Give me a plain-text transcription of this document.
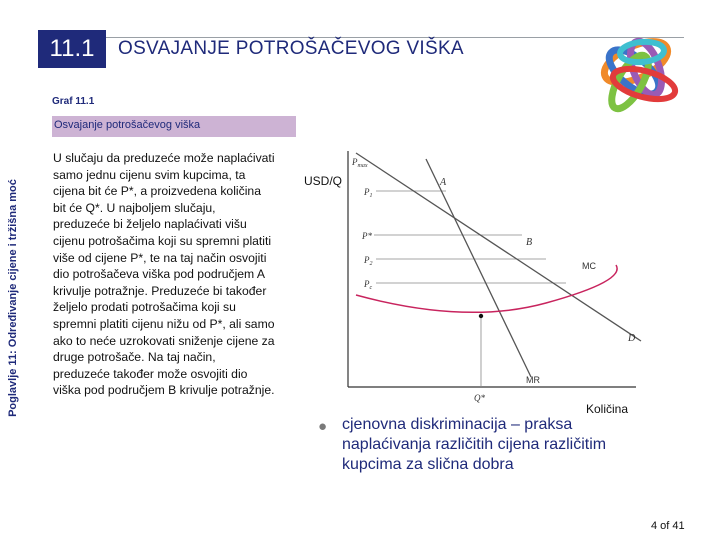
Poglavlje 11: Određivanje cijene i tržišna moć
11.1	OSVAJANJE POTROŠAČEVOG VIŠKA
Graf 11.1
Osvajanje potrošačevog viška
U slučaju da preduzeće može naplaćivati samo jednu cijenu svim kupcima, ta cijena bit će P*, a proizvedena količina bit će Q*. U najboljem slučaju, preduzeće bi željelo naplaćivati višu cijenu potrošačima koji su spremni platiti više od cijene P*, te na taj način osvojiti dio potrošačeva viška pod područjem A krivulje potražnje. Preduzeće bi također željelo prodati potrošačima koji su spremni platiti cijenu nižu od P*, ali samo ako to neće uzrokovati sniženje cijene za druge potrošače. Na taj način, preduzeće također može osvojiti dio viška pod područjem B krivulje potražnje.
USD/Q
$P_{max}$
$P_1$
P*
$P_2$
$P_c$
A
B
MC
D
MR
Q*
Količina
● cjenovna diskriminacija – praksa naplaćivanja različitih cijena različitim kupcima za slična dobra
4 of 41
